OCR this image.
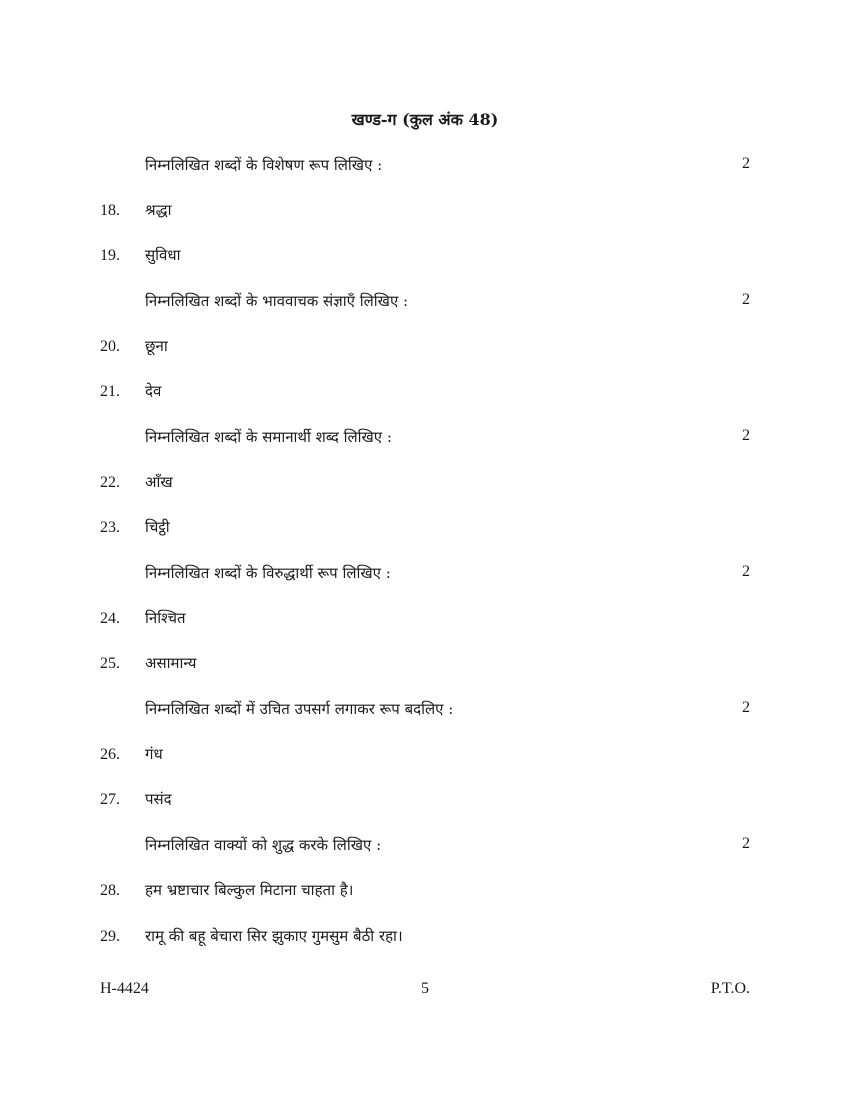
खण्ड-ग (कुल अंक 48)
निम्नलिखित शब्दों के विशेषण रूप लिखिए :	2
18. श्रद्धा
19. सुविधा
निम्नलिखित शब्दों के भाववाचक संज्ञाएँ लिखिए :	2
20. छूना
21. देव
निम्नलिखित शब्दों के समानार्थी शब्द लिखिए :	2
22. आँख
23. चिट्ठी
निम्नलिखित शब्दों के विरुद्धार्थी रूप लिखिए :	2
24. निश्चित
25. असामान्य
निम्नलिखित शब्दों में उचित उपसर्ग लगाकर रूप बदलिए :	2
26. गंध
27. पसंद
निम्नलिखित वाक्यों को शुद्ध करके लिखिए :	2
28. हम भ्रष्टाचार बिल्कुल मिटाना चाहता है।
29. रामू की बहू बेचारा सिर झुकाए गुमसुम बैठी रहा।
H-4424	5	P.T.O.
